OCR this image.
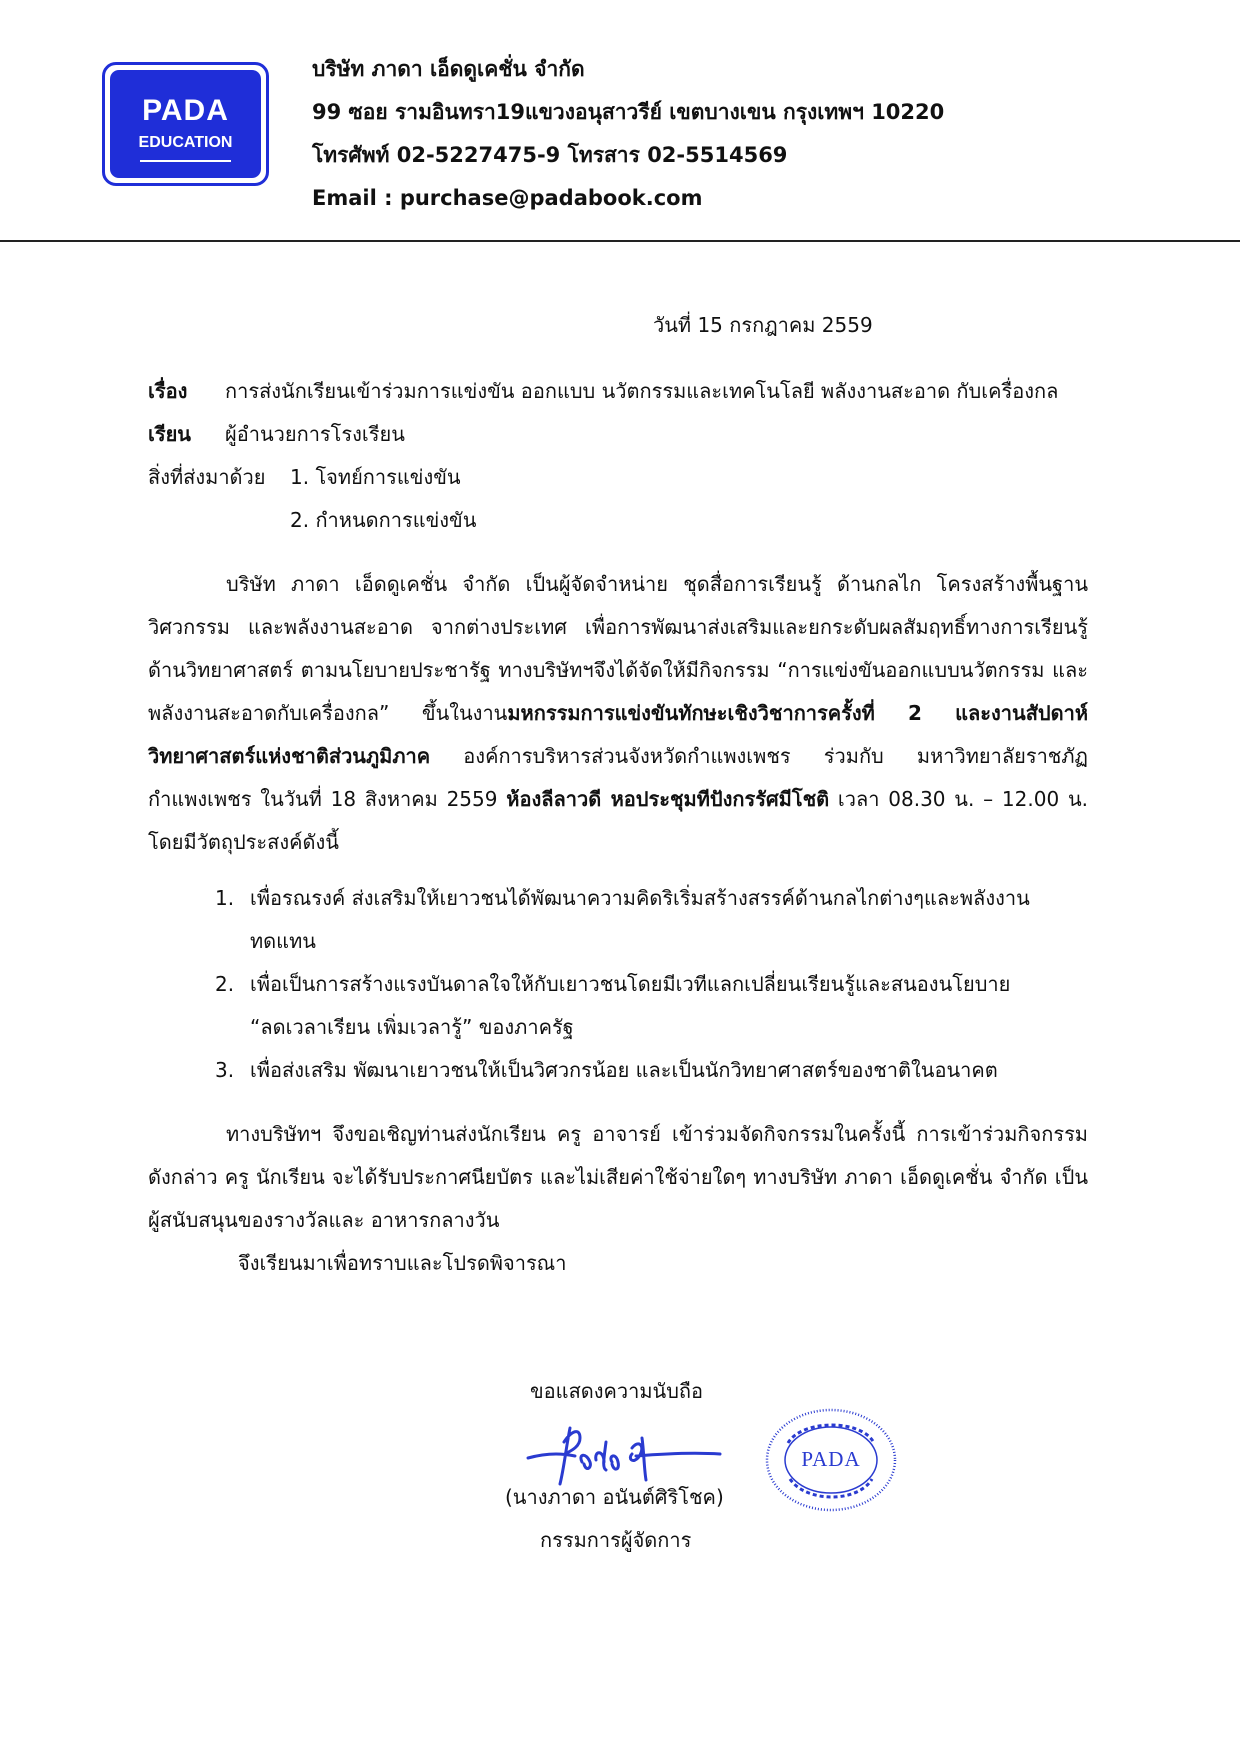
PADA
EDUCATION
บริษัท ภาดา เอ็ดดูเคชั่น จำกัด
99 ซอย รามอินทรา19แขวงอนุสาวรีย์ เขตบางเขน กรุงเทพฯ 10220
โทรศัพท์ 02-5227475-9 โทรสาร 02-5514569
Email : purchase@padabook.com
วันที่ 15 กรกฎาคม 2559
เรื่อง การส่งนักเรียนเข้าร่วมการแข่งขัน ออกแบบ นวัตกรรมและเทคโนโลยี พลังงานสะอาด กับเครื่องกล
เรียน ผู้อำนวยการโรงเรียน
สิ่งที่ส่งมาด้วย 1. โจทย์การแข่งขัน
2. กำหนดการแข่งขัน
บริษัท ภาดา เอ็ดดูเคชั่น จำกัด เป็นผู้จัดจำหน่าย ชุดสื่อการเรียนรู้ ด้านกลไก โครงสร้างพื้นฐาน วิศวกรรม และพลังงานสะอาด จากต่างประเทศ เพื่อการพัฒนาส่งเสริมและยกระดับผลสัมฤทธิ์ทางการเรียนรู้ ด้านวิทยาศาสตร์ ตามนโยบายประชารัฐ ทางบริษัทฯจึงได้จัดให้มีกิจกรรม “การแข่งขันออกแบบนวัตกรรม และพลังงานสะอาดกับเครื่องกล” ขึ้นในงานมหกรรมการแข่งขันทักษะเชิงวิชาการครั้งที่ 2 และงานสัปดาห์วิทยาศาสตร์แห่งชาติส่วนภูมิภาค องค์การบริหารส่วนจังหวัดกำแพงเพชร ร่วมกับ มหาวิทยาลัยราชภัฏกำแพงเพชร ในวันที่ 18 สิงหาคม 2559 ห้องลีลาวดี หอประชุมทีปังกรรัศมีโชติ เวลา 08.30 น. – 12.00 น. โดยมีวัตถุประสงค์ดังนี้
1. เพื่อรณรงค์ ส่งเสริมให้เยาวชนได้พัฒนาความคิดริเริ่มสร้างสรรค์ด้านกลไกต่างๆและพลังงาน
ทดแทน
2. เพื่อเป็นการสร้างแรงบันดาลใจให้กับเยาวชนโดยมีเวทีแลกเปลี่ยนเรียนรู้และสนองนโยบาย
“ลดเวลาเรียน เพิ่มเวลารู้” ของภาครัฐ
3. เพื่อส่งเสริม พัฒนาเยาวชนให้เป็นวิศวกรน้อย และเป็นนักวิทยาศาสตร์ของชาติในอนาคต
ทางบริษัทฯ จึงขอเชิญท่านส่งนักเรียน ครู อาจารย์ เข้าร่วมจัดกิจกรรมในครั้งนี้ การเข้าร่วมกิจกรรม ดังกล่าว ครู นักเรียน จะได้รับประกาศนียบัตร และไม่เสียค่าใช้จ่ายใดๆ ทางบริษัท ภาดา เอ็ดดูเคชั่น จำกัด เป็นผู้สนับสนุนของรางวัลและ อาหารกลางวัน
จึงเรียนมาเพื่อทราบและโปรดพิจารณา
ขอแสดงความนับถือ
PADA
(นางภาดา อนันต์ศิริโชค)
กรรมการผู้จัดการ
